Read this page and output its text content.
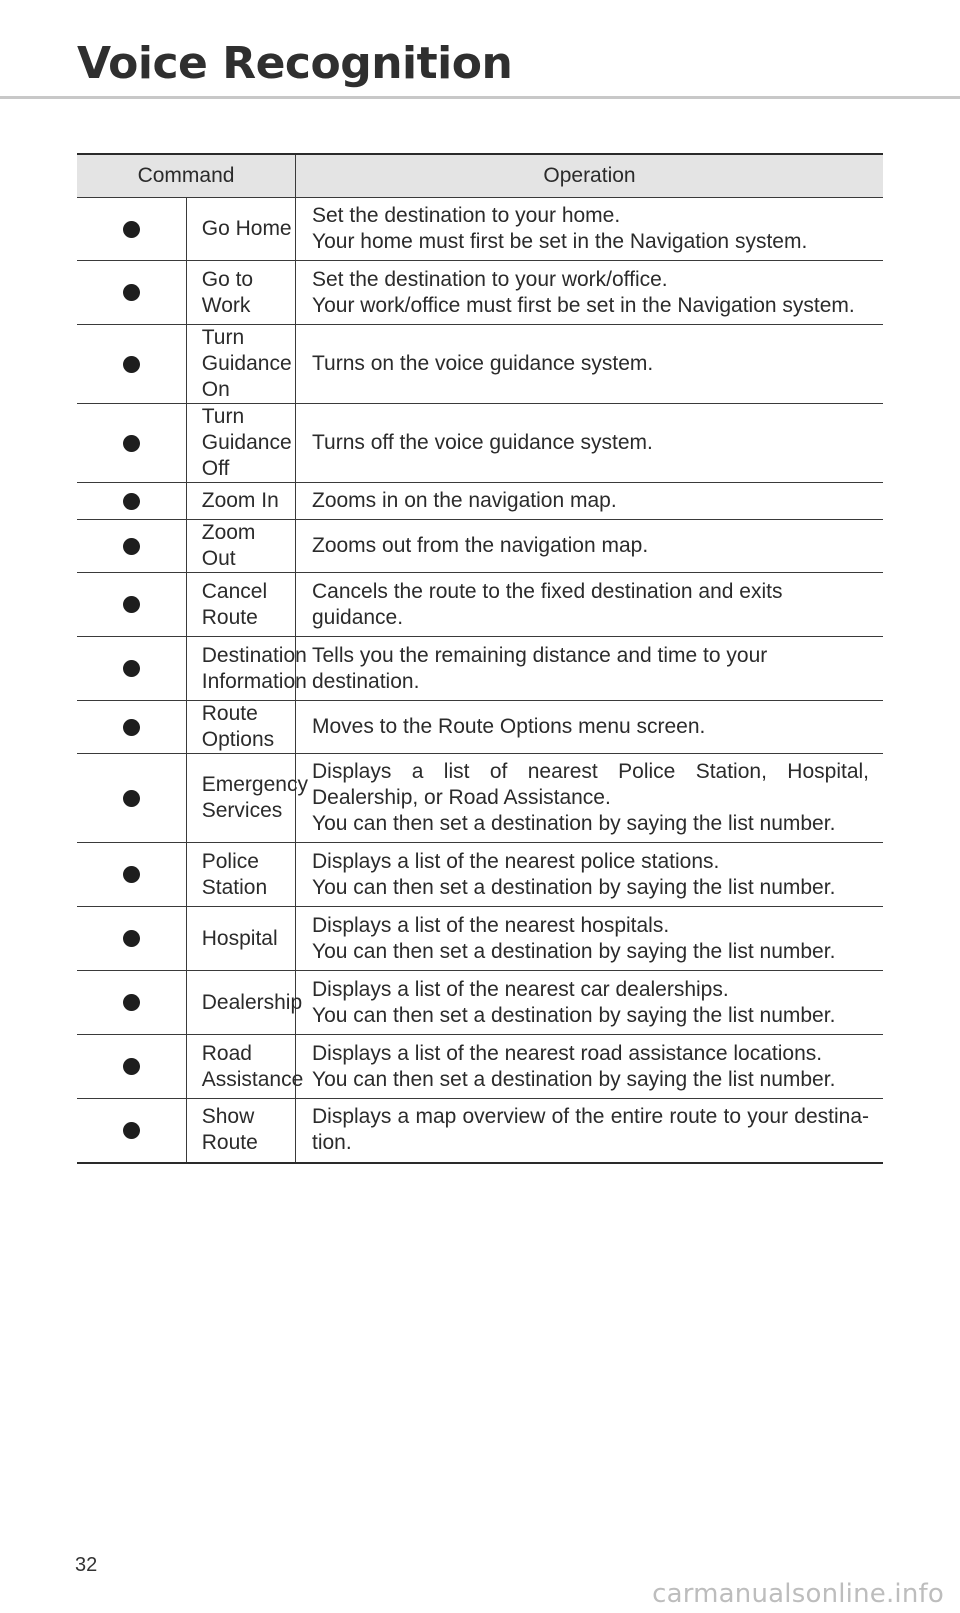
Voice Recognition
Command		Operation

	Go Home	Set the destination to your home.
Your home must first be set in the Navigation system.

	Go to Work	Set the destination to your work/office.
Your work/office must first be set in the Navigation system.

	Turn
Guidance On	Turns on the voice guidance system.

	Turn
Guidance Off	Turns off the voice guidance system.

	Zoom In	Zooms in on the navigation map.

	Zoom Out	Zooms out from the navigation map.

	Cancel Route	Cancels the route to the fixed destination and exits guidance.

	Destination
Information	Tells you the remaining distance and time to your destination.

	Route Options	Moves to the Route Options menu screen.

	Emergency
Services	Displays a list of nearest Police Station, Hospital, Dealership, or Road Assistance.
You can then set a destination by saying the list number.

	Police Station	Displays a list of the nearest police stations.
You can then set a destination by saying the list number.

	Hospital	Displays a list of the nearest hospitals.
You can then set a destination by saying the list number.

	Dealership	Displays a list of the nearest car dealerships.
You can then set a destination by saying the list number.

	Road
Assistance	Displays a list of the nearest road assistance locations.
You can then set a destination by saying the list number.

	Show Route	Displays a map overview of the entire route to your destina-tion.
32
carmanualsonline.info
